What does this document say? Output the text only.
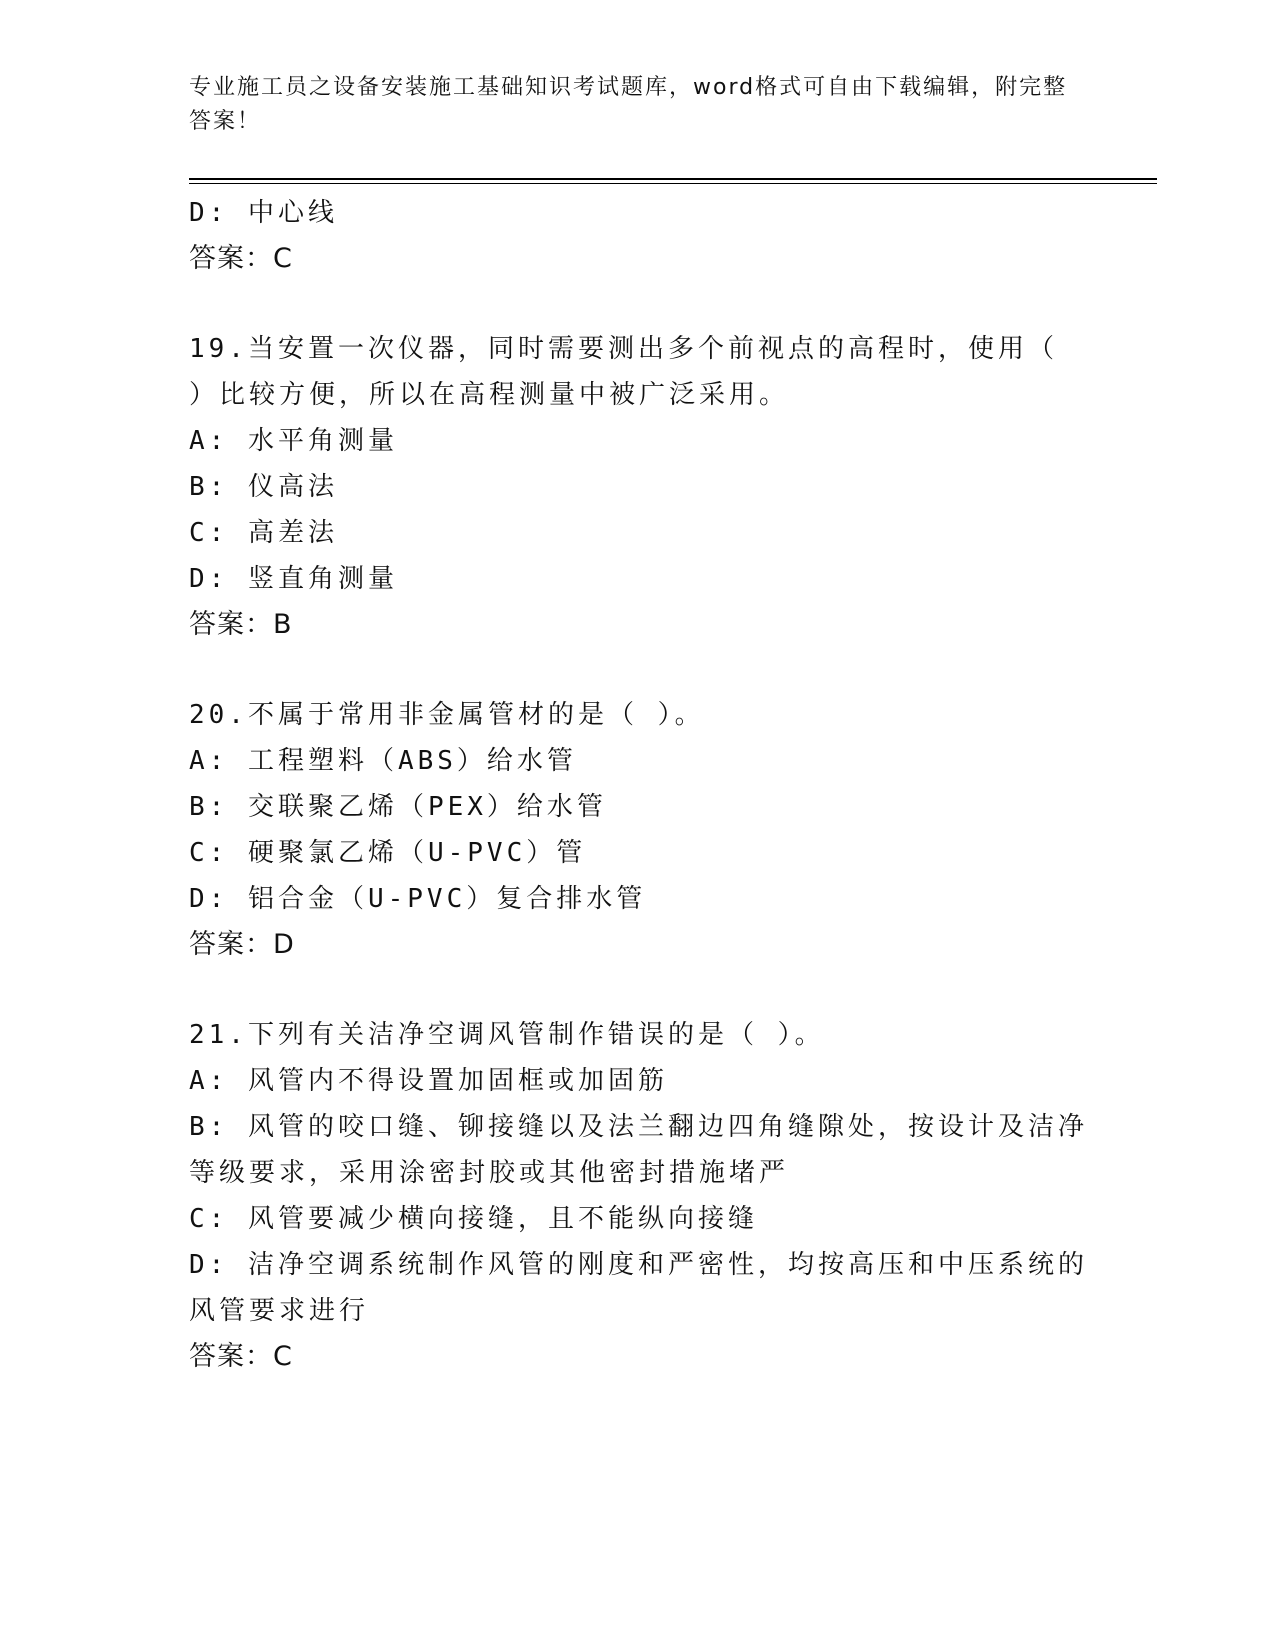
专业施工员之设备安装施工基础知识考试题库，word格式可自由下载编辑，附完整答案！
D: 中心线
答案：C
19.当安置一次仪器，同时需要测出多个前视点的高程时，使用（ ）比较方便，所以在高程测量中被广泛采用。
A: 水平角测量
B: 仪高法
C: 高差法
D: 竖直角测量
答案：B
20.不属于常用非金属管材的是（ ）。
A: 工程塑料（ABS）给水管
B: 交联聚乙烯（PEX）给水管
C: 硬聚氯乙烯（U-PVC）管
D: 铝合金（U-PVC）复合排水管
答案：D
21.下列有关洁净空调风管制作错误的是（ ）。
A: 风管内不得设置加固框或加固筋
B: 风管的咬口缝、铆接缝以及法兰翻边四角缝隙处，按设计及洁净等级要求，采用涂密封胶或其他密封措施堵严
C: 风管要减少横向接缝，且不能纵向接缝
D: 洁净空调系统制作风管的刚度和严密性，均按高压和中压系统的风管要求进行
答案：C
